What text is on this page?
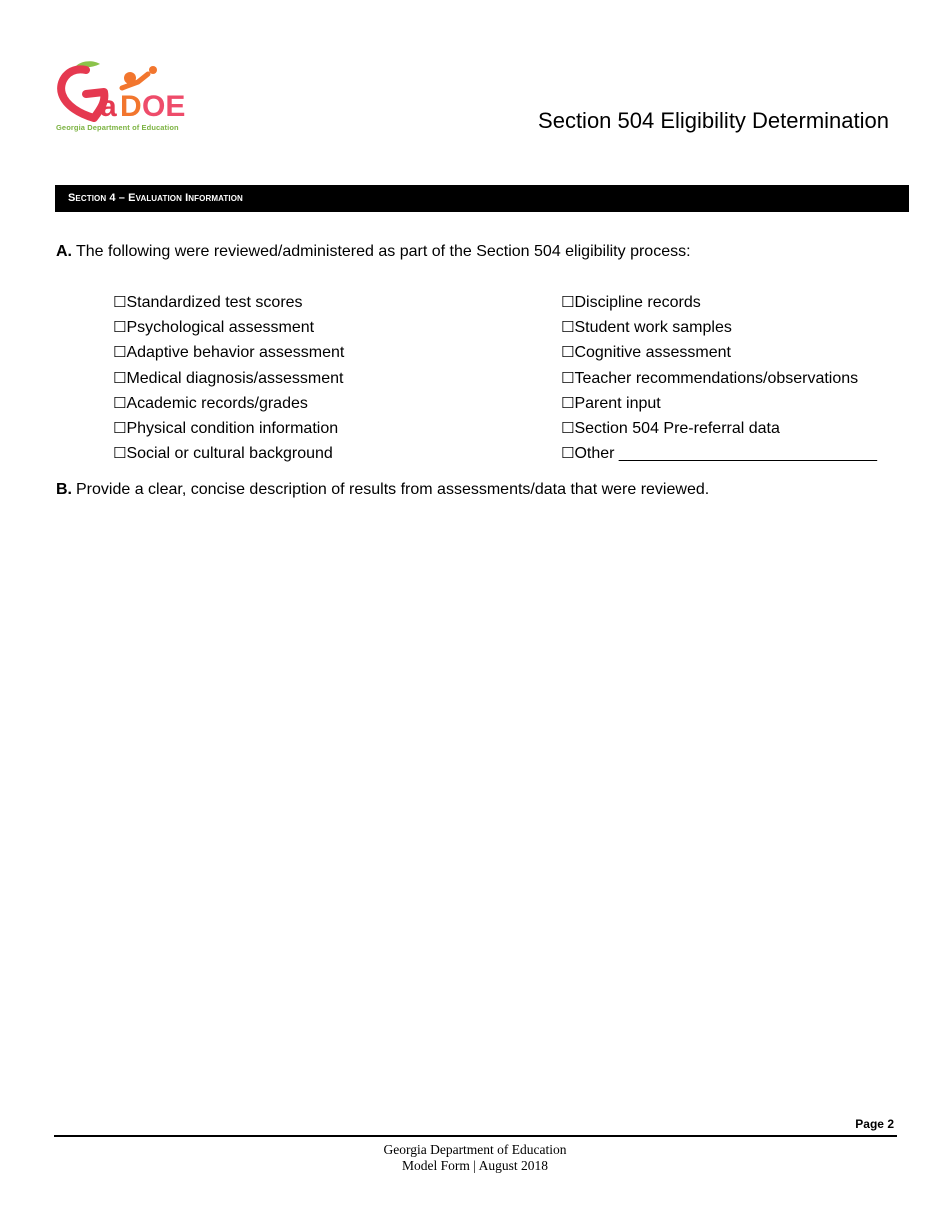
a D OE
Georgia Department of Education	Section 504 Eligibility Determination
Section 4 – Evaluation Information
A. The following were reviewed/administered as part of the Section 504 eligibility process:
☐Standardized test scores
☐Psychological assessment
☐Adaptive behavior assessment
☐Medical diagnosis/assessment
☐Academic records/grades
☐Physical condition information
☐Social or cultural background
☐Discipline records
☐Student work samples
☐Cognitive assessment
☐Teacher recommendations/observations
☐Parent input
☐Section 504 Pre-referral data
☐Other _____________________________
B. Provide a clear, concise description of results from assessments/data that were reviewed.
Page 2
Georgia Department of Education
Model Form | August 2018
